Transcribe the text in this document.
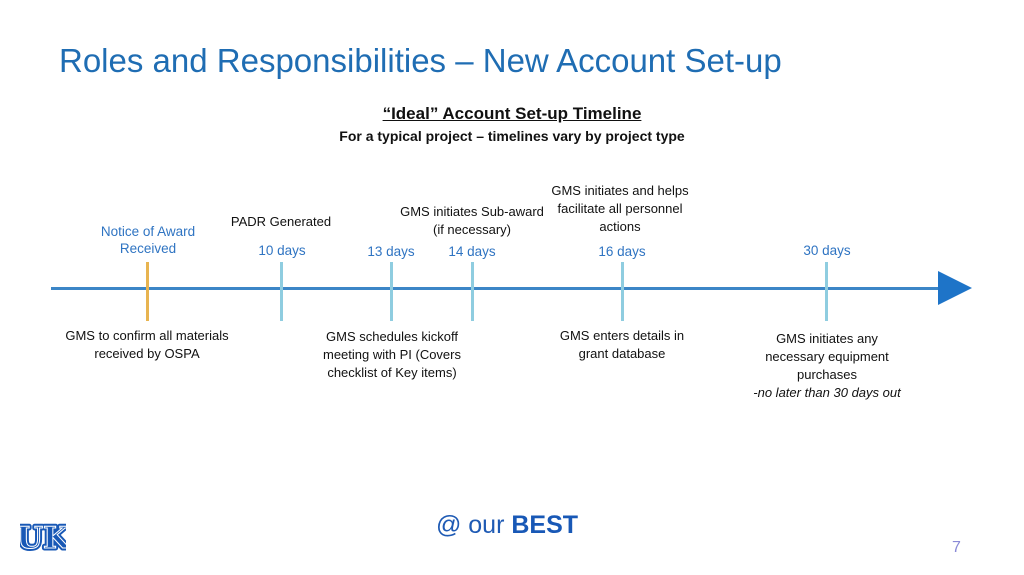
Roles and Responsibilities – New Account Set-up
“Ideal” Account Set-up Timeline
For a typical project – timelines vary by project type
PADR Generated
GMS initiates Sub-award (if necessary)
GMS initiates and helps facilitate all personnel actions
Notice of Award Received	10 days	13 days	14 days	16 days	30 days
GMS to confirm all materials received by OSPA
GMS schedules kickoff meeting with PI (Covers checklist of Key items)
GMS enters details in grant database
GMS initiates any necessary equipment purchases
-no later than 30 days out
UK
UK	@ our BEST
7
